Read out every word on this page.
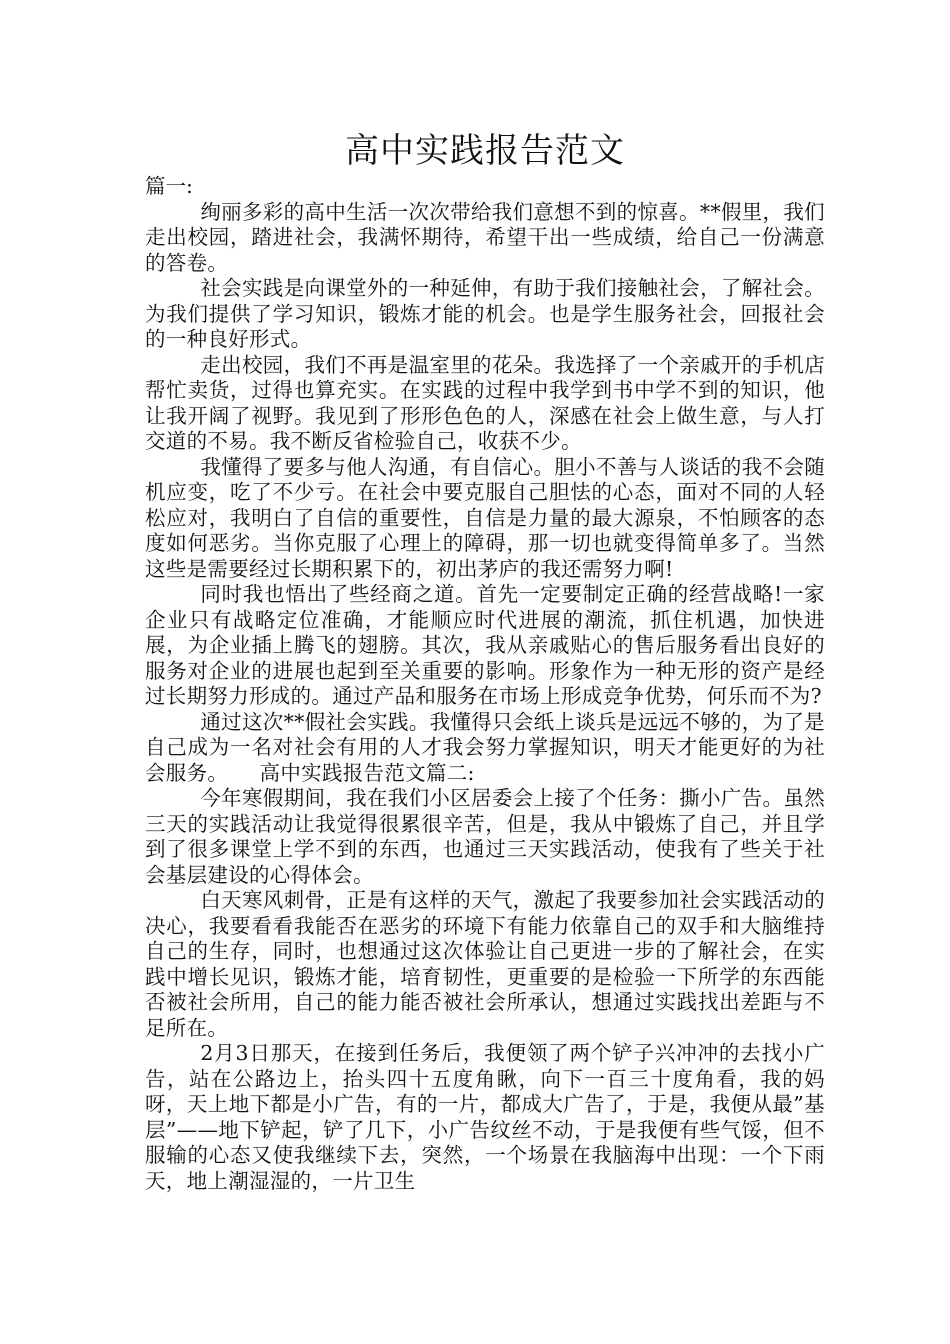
高中实践报告范文

篇一:

绚丽多彩的高中生活一次次带给我们意想不到的惊喜。**假里，我们走出校园，踏进社会，我满怀期待，希望干出一些成绩，给自己一份满意的答卷。

社会实践是向课堂外的一种延伸，有助于我们接触社会，了解社会。为我们提供了学习知识，锻炼才能的机会。也是学生服务社会，回报社会的一种良好形式。

走出校园，我们不再是温室里的花朵。我选择了一个亲戚开的手机店帮忙卖货，过得也算充实。在实践的过程中我学到书中学不到的知识，他让我开阔了视野。我见到了形形色色的人，深感在社会上做生意，与人打交道的不易。我不断反省检验自己，收获不少。

我懂得了要多与他人沟通，有自信心。胆小不善与人谈话的我不会随机应变，吃了不少亏。在社会中要克服自己胆怯的心态，面对不同的人轻松应对，我明白了自信的重要性，自信是力量的最大源泉，不怕顾客的态度如何恶劣。当你克服了心理上的障碍，那一切也就变得简单多了。当然这些是需要经过长期积累下的，初出茅庐的我还需努力啊!

同时我也悟出了些经商之道。首先一定要制定正确的经营战略!一家企业只有战略定位准确，才能顺应时代进展的潮流，抓住机遇，加快进展，为企业插上腾飞的翅膀。其次，我从亲戚贴心的售后服务看出良好的服务对企业的进展也起到至关重要的影响。形象作为一种无形的资产是经过长期努力形成的。通过产品和服务在市场上形成竞争优势，何乐而不为?

通过这次**假社会实践。我懂得只会纸上谈兵是远远不够的，为了是自己成为一名对社会有用的人才我会努力掌握知识，明天才能更好的为社会服务。　　高中实践报告范文篇二:

今年寒假期间，我在我们小区居委会上接了个任务：撕小广告。虽然三天的实践活动让我觉得很累很辛苦，但是，我从中锻炼了自己，并且学到了很多课堂上学不到的东西，也通过三天实践活动，使我有了些关于社会基层建设的心得体会。

白天寒风刺骨，正是有这样的天气，激起了我要参加社会实践活动的决心，我要看看我能否在恶劣的环境下有能力依靠自己的双手和大脑维持自己的生存，同时，也想通过这次体验让自己更进一步的了解社会，在实践中增长见识，锻炼才能，培育韧性，更重要的是检验一下所学的东西能否被社会所用，自己的能力能否被社会所承认，想通过实践找出差距与不足所在。

2月3日那天，在接到任务后，我便领了两个铲子兴冲冲的去找小广告，站在公路边上，抬头四十五度角瞅，向下一百三十度角看，我的妈呀，天上地下都是小广告，有的一片，都成大广告了，于是，我便从最”基层”——地下铲起，铲了几下，小广告纹丝不动，于是我便有些气馁，但不服输的心态又使我继续下去，突然，一个场景在我脑海中出现：一个下雨天，地上潮湿湿的，一片卫生
